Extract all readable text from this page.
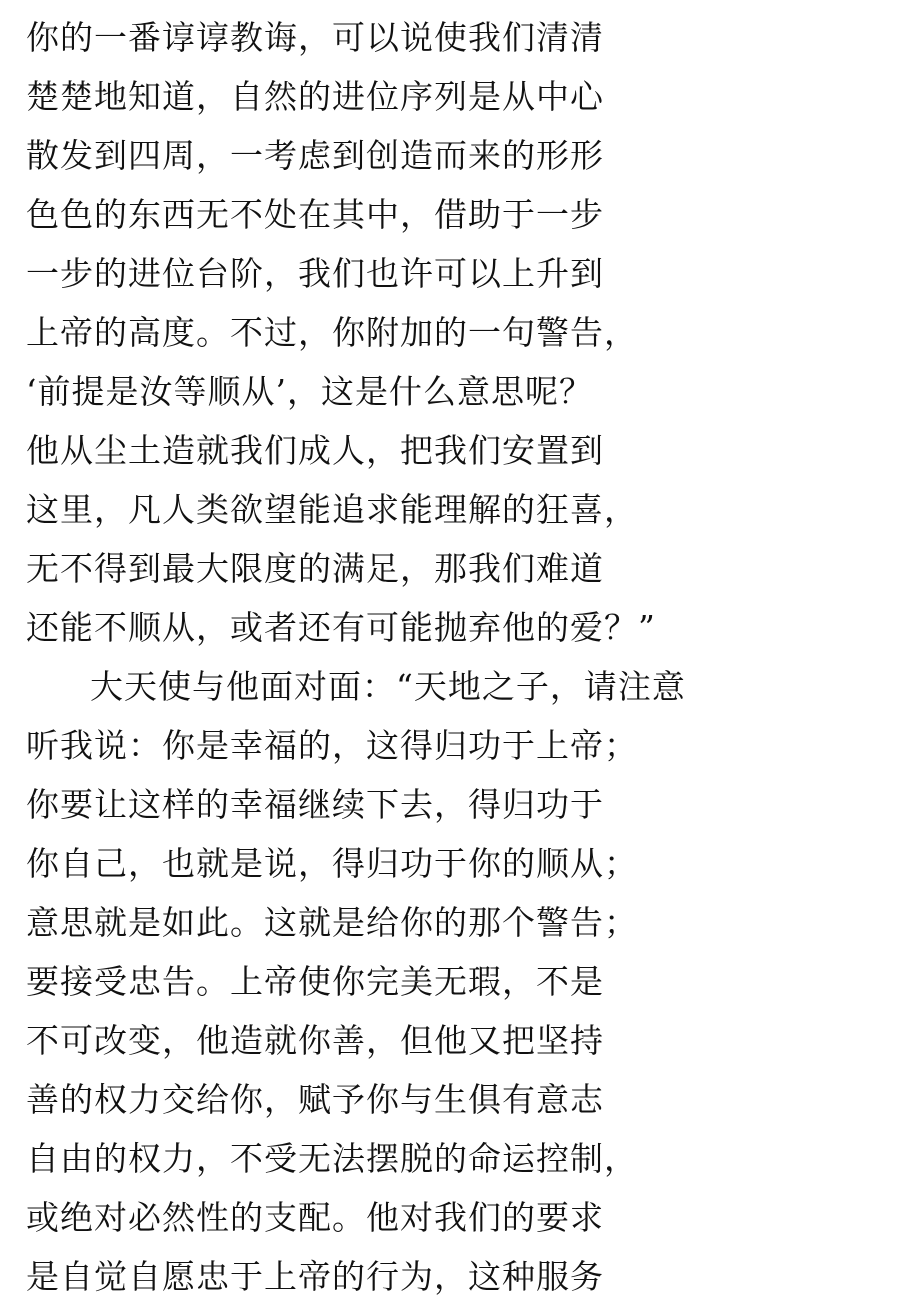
你的一番谆谆教诲，可以说使我们清清
楚楚地知道，自然的进位序列是从中心
散发到四周，一考虑到创造而来的形形
色色的东西无不处在其中，借助于一步
一步的进位台阶，我们也许可以上升到
上帝的高度。不过，你附加的一句警告，
‘前提是汝等顺从’，这是什么意思呢？
他从尘土造就我们成人，把我们安置到
这里，凡人类欲望能追求能理解的狂喜，
无不得到最大限度的满足，那我们难道
还能不顺从，或者还有可能抛弃他的爱？”
大天使与他面对面：“天地之子，请注意
听我说：你是幸福的，这得归功于上帝；
你要让这样的幸福继续下去，得归功于
你自己，也就是说，得归功于你的顺从；
意思就是如此。这就是给你的那个警告；
要接受忠告。上帝使你完美无瑕，不是
不可改变，他造就你善，但他又把坚持
善的权力交给你，赋予你与生俱有意志
自由的权力，不受无法摆脱的命运控制，
或绝对必然性的支配。他对我们的要求
是自觉自愿忠于上帝的行为，这种服务
